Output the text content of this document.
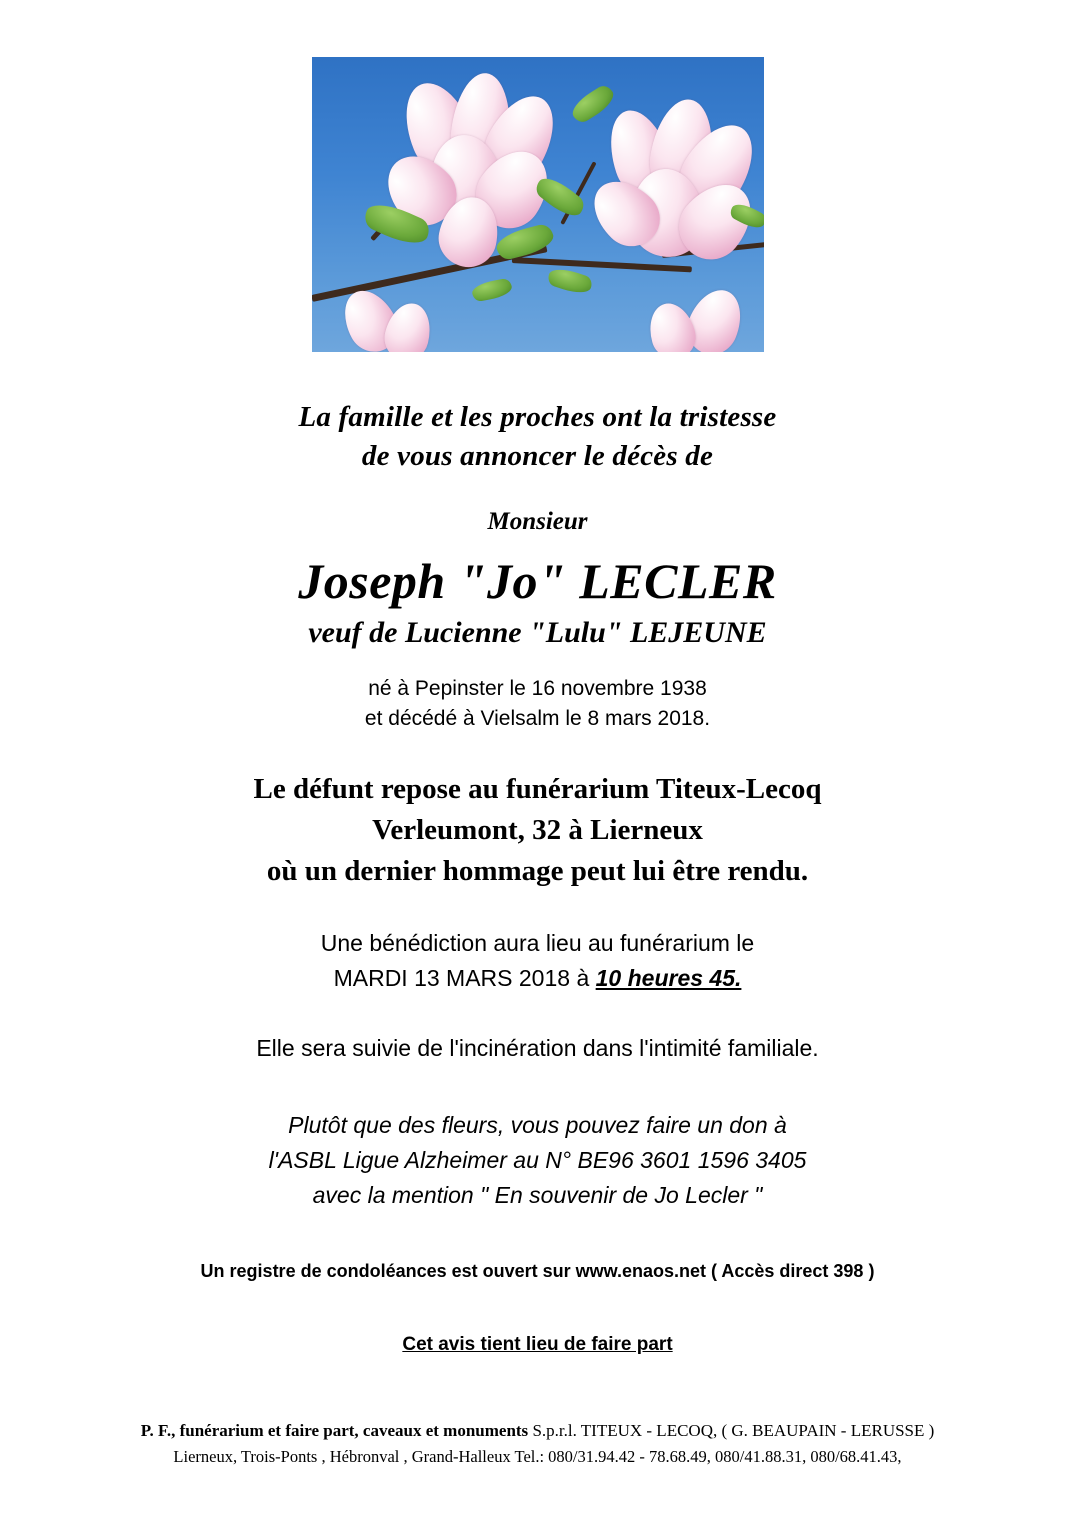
La famille et les proches ont la tristesse
de vous annoncer le décès de
Monsieur
Joseph "Jo" LECLER
veuf de Lucienne "Lulu" LEJEUNE
né à Pepinster le 16 novembre 1938
et décédé à Vielsalm le 8 mars 2018.
Le défunt repose au funérarium Titeux-Lecoq
Verleumont, 32 à Lierneux
où un dernier hommage peut lui être rendu.
Une bénédiction aura lieu au funérarium le
MARDI 13 MARS 2018 à 10 heures 45.
Elle sera suivie de l'incinération dans l'intimité familiale.
Plutôt que des fleurs, vous pouvez faire un don à
l'ASBL Ligue Alzheimer au N° BE96 3601 1596 3405
avec la mention " En souvenir de Jo Lecler "
Un registre de condoléances est ouvert sur www.enaos.net ( Accès direct 398 )
Cet avis tient lieu de faire part
P. F., funérarium et faire part, caveaux et monuments S.p.r.l. TITEUX - LECOQ, ( G. BEAUPAIN - LERUSSE )
Lierneux, Trois-Ponts , Hébronval , Grand-Halleux Tel.: 080/31.94.42 - 78.68.49, 080/41.88.31, 080/68.41.43,
